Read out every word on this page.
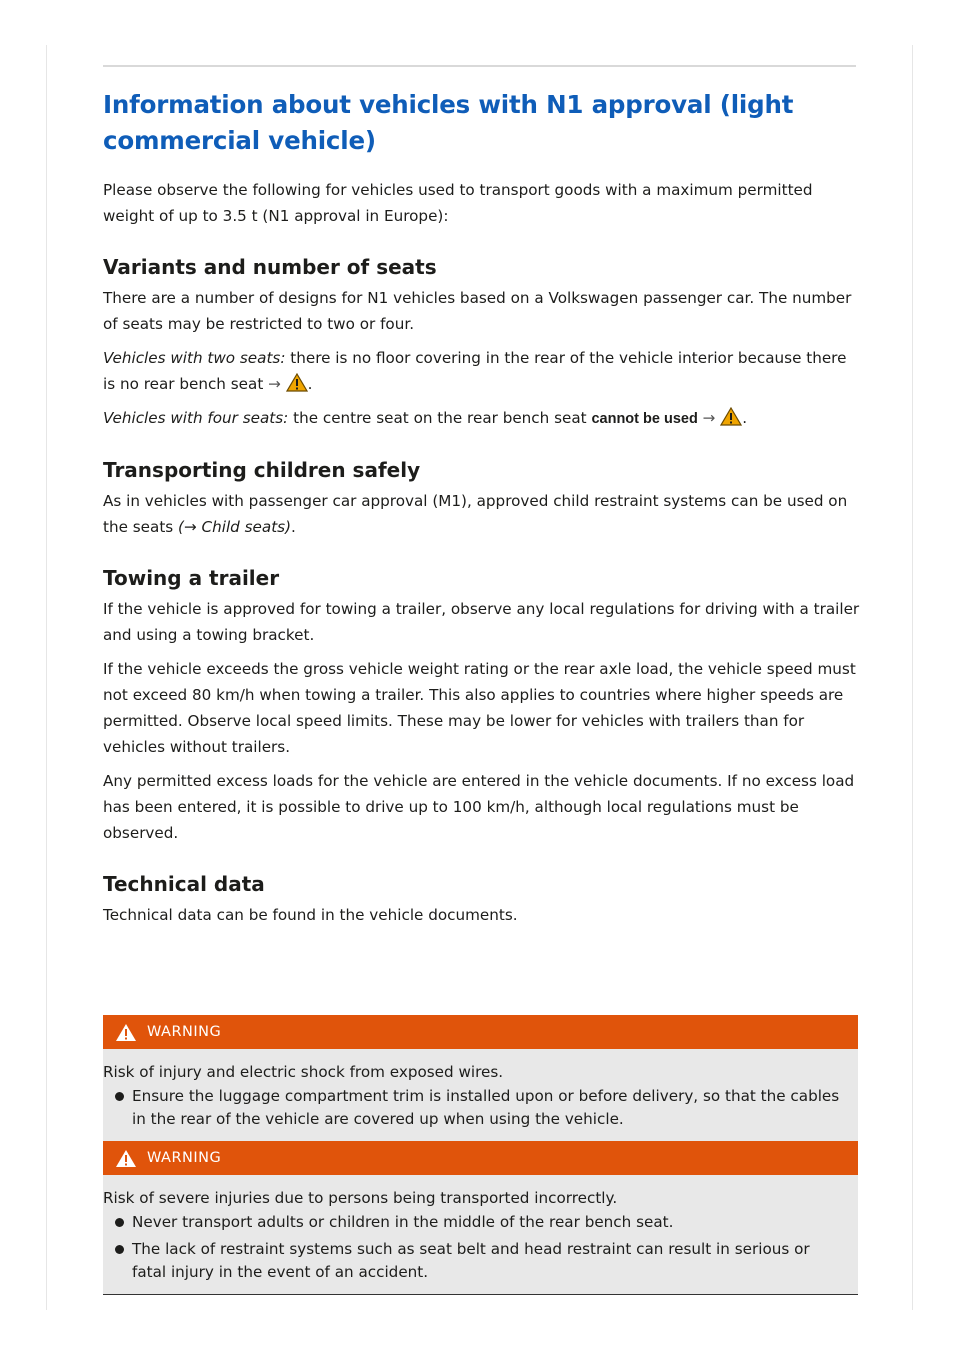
Information about vehicles with N1 approval (light commercial vehicle)

Please observe the following for vehicles used to transport goods with a maximum permitted weight of up to 3.5 t (N1 approval in Europe):

Variants and number of seats

There are a number of designs for N1 vehicles based on a Volkswagen passenger car. The number of seats may be restricted to two or four.

Vehicles with two seats: there is no floor covering in the rear of the vehicle interior because there is no rear bench seat → .

Vehicles with four seats: the centre seat on the rear bench seat cannot be used → .

Transporting children safely

As in vehicles with passenger car approval (M1), approved child restraint systems can be used on the seats (→ Child seats).

Towing a trailer

If the vehicle is approved for towing a trailer, observe any local regulations for driving with a trailer and using a towing bracket.

If the vehicle exceeds the gross vehicle weight rating or the rear axle load, the vehicle speed must not exceed 80 km/h when towing a trailer. This also applies to countries where higher speeds are permitted. Observe local speed limits. These may be lower for vehicles with trailers than for vehicles without trailers.

Any permitted excess loads for the vehicle are entered in the vehicle documents. If no excess load has been entered, it is possible to drive up to 100 km/h, although local regulations must be observed.

Technical data

Technical data can be found in the vehicle documents.

WARNING

Risk of injury and electric shock from exposed wires.

Ensure the luggage compartment trim is installed upon or before delivery, so that the cables in the rear of the vehicle are covered up when using the vehicle.
WARNING

Risk of severe injuries due to persons being transported incorrectly.

Never transport adults or children in the middle of the rear bench seat.
The lack of restraint systems such as seat belt and head restraint can result in serious or fatal injury in the event of an accident.
